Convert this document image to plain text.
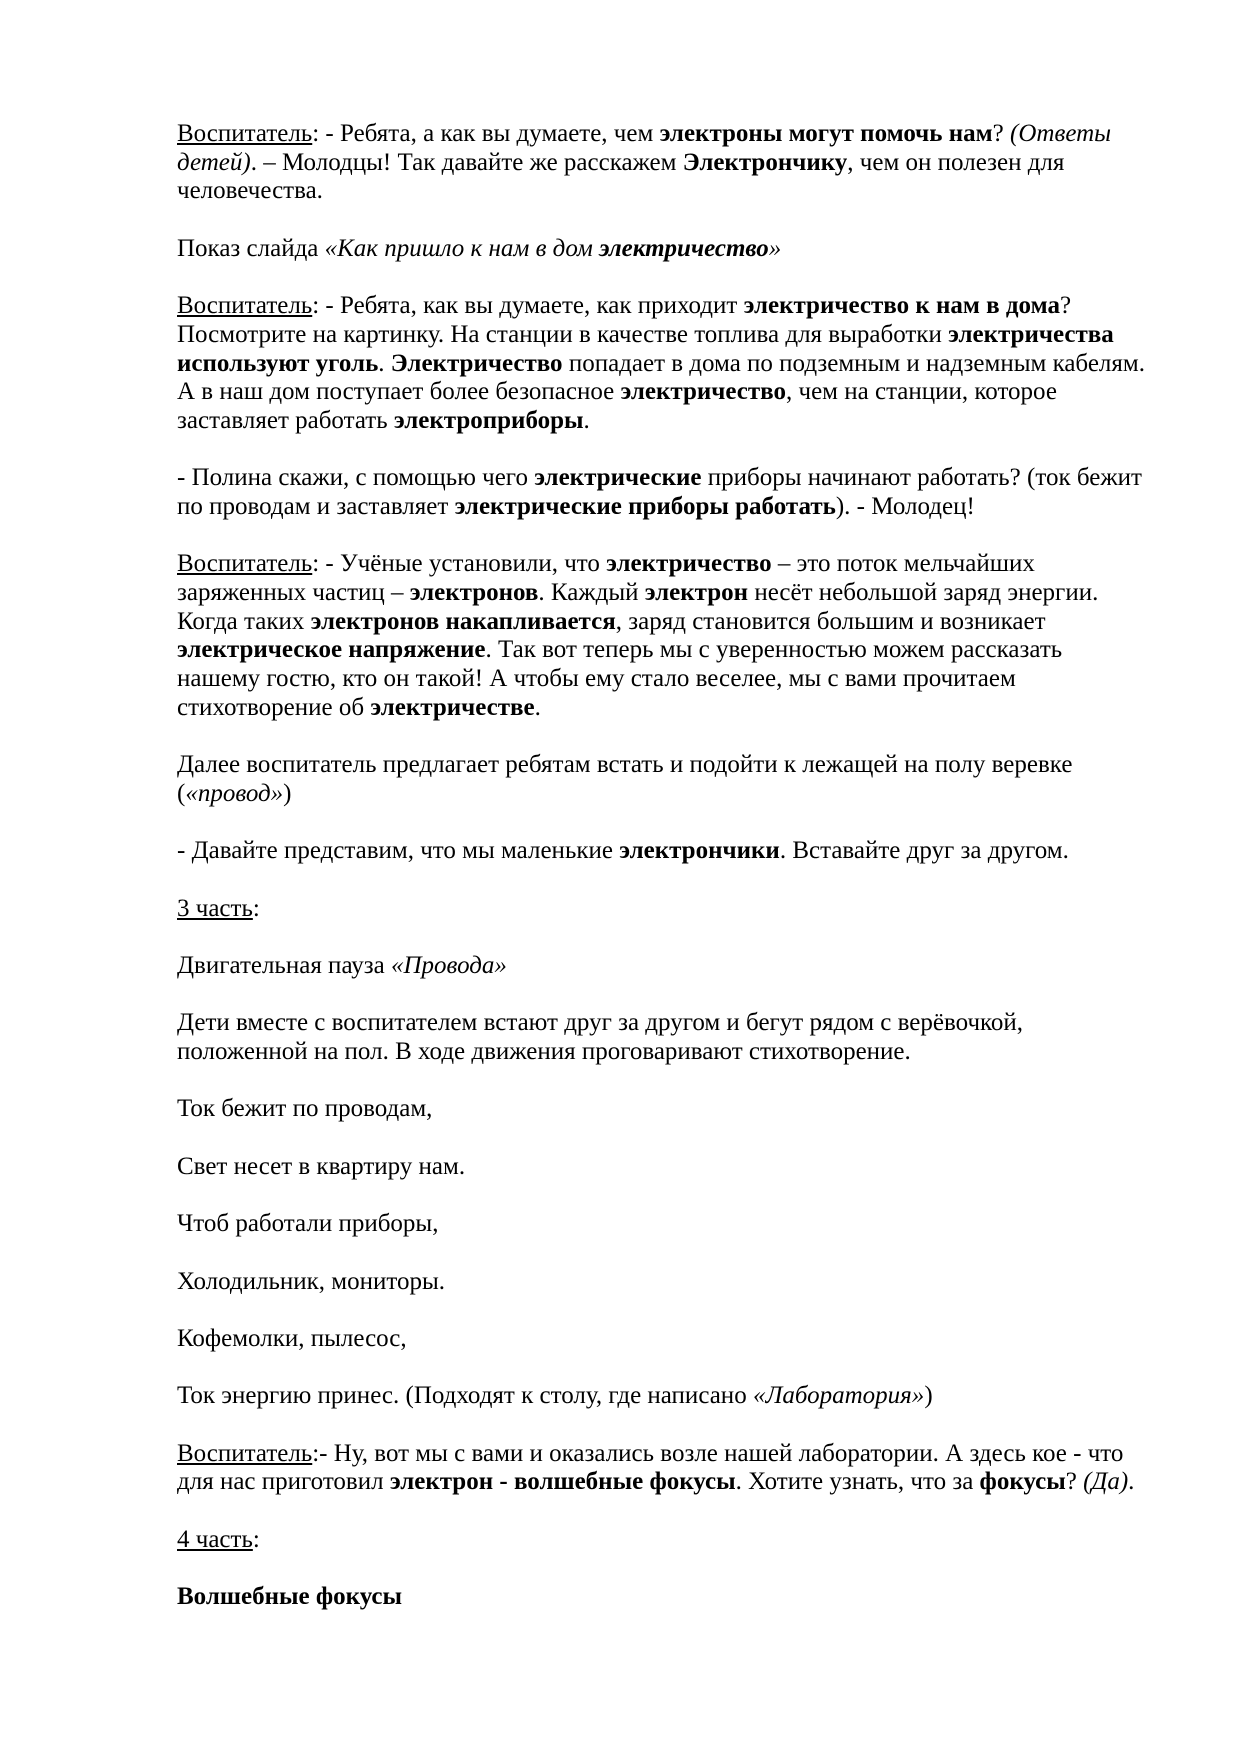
Воспитатель: - Ребята, а как вы думаете, чем электроны могут помочь нам? (Ответы
детей). – Молодцы! Так давайте же расскажем Электрончику, чем он полезен для
человечества.
Показ слайда «Как пришло к нам в дом электричество»
Воспитатель: - Ребята, как вы думаете, как приходит электричество к нам в дома?
Посмотрите на картинку. На станции в качестве топлива для выработки электричества
используют уголь. Электричество попадает в дома по подземным и надземным кабелям.
А в наш дом поступает более безопасное электричество, чем на станции, которое
заставляет работать электроприборы.
- Полина скажи, с помощью чего электрические приборы начинают работать? (ток бежит
по проводам и заставляет электрические приборы работать). - Молодец!
Воспитатель: - Учёные установили, что электричество – это поток мельчайших
заряженных частиц – электронов. Каждый электрон несёт небольшой заряд энергии.
Когда таких электронов накапливается, заряд становится большим и возникает
электрическое напряжение. Так вот теперь мы с уверенностью можем рассказать
нашему гостю, кто он такой! А чтобы ему стало веселее, мы с вами прочитаем
стихотворение об электричестве.
Далее воспитатель предлагает ребятам встать и подойти к лежащей на полу веревке
(«провод»)
- Давайте представим, что мы маленькие электрончики. Вставайте друг за другом.
3 часть:
Двигательная пауза «Провода»
Дети вместе с воспитателем встают друг за другом и бегут рядом с верёвочкой,
положенной на пол. В ходе движения проговаривают стихотворение.
Ток бежит по проводам,
Свет несет в квартиру нам.
Чтоб работали приборы,
Холодильник, мониторы.
Кофемолки, пылесос,
Ток энергию принес. (Подходят к столу, где написано «Лаборатория»)
Воспитатель:- Ну, вот мы с вами и оказались возле нашей лаборатории. А здесь кое - что
для нас приготовил электрон - волшебные фокусы. Хотите узнать, что за фокусы? (Да).
4 часть:
Волшебные фокусы
